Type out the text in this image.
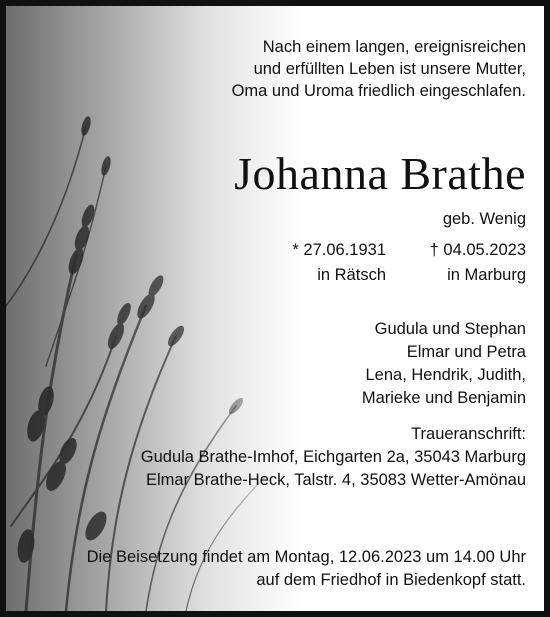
Nach einem langen, ereignisreichen
und erfüllten Leben ist unsere Mutter,
Oma und Uroma friedlich eingeschlafen.
Johanna Brathe
geb. Wenig
* 27.06.1931
in Rätsch
† 04.05.2023
in Marburg
Gudula und Stephan
Elmar und Petra
Lena, Hendrik, Judith,
Marieke und Benjamin
Traueranschrift:
Gudula Brathe-Imhof, Eichgarten 2a, 35043 Marburg
Elmar Brathe-Heck, Talstr. 4, 35083 Wetter-Amönau
Die Beisetzung findet am Montag, 12.06.2023 um 14.00 Uhr
auf dem Friedhof in Biedenkopf statt.
